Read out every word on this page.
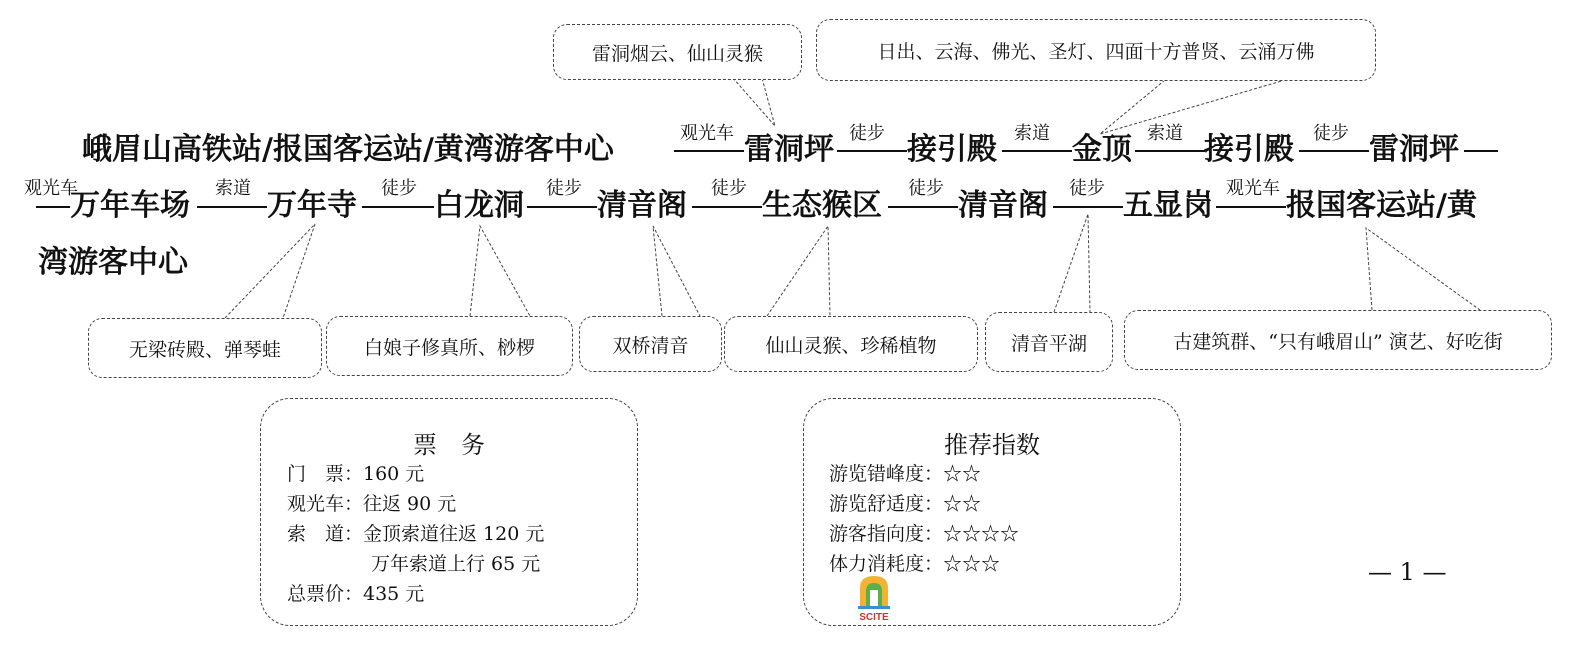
雷洞烟云、仙山灵猴	日出、云海、佛光、圣灯、四面十方普贤、云涌万佛
峨眉山高铁站/报国客运站/黄湾游客中心	观光车 雷洞坪 徒步 接引殿 索道 金顶 索道 接引殿 徒步 雷洞坪
观光车
万年车场 索道 万年寺 徒步 白龙洞 徒步 清音阁 徒步 生态猴区 徒步 清音阁 徒步 五显岗 观光车 报国客运站/黄
湾游客中心
无梁砖殿、弹琴蛙	白娘子修真所、桫椤	双桥清音	仙山灵猴、珍稀植物	清音平湖	古建筑群、“只有峨眉山” 演艺、好吃街
票　务
门　票：160 元
观光车：往返 90 元
索　道：金顶索道往返 120 元
万年索道上行 65 元
总票价：435 元
推荐指数
游览错峰度：☆☆
游览舒适度：☆☆
游客指向度：☆☆☆☆
体力消耗度：☆☆☆
SCITE
— 1 —
